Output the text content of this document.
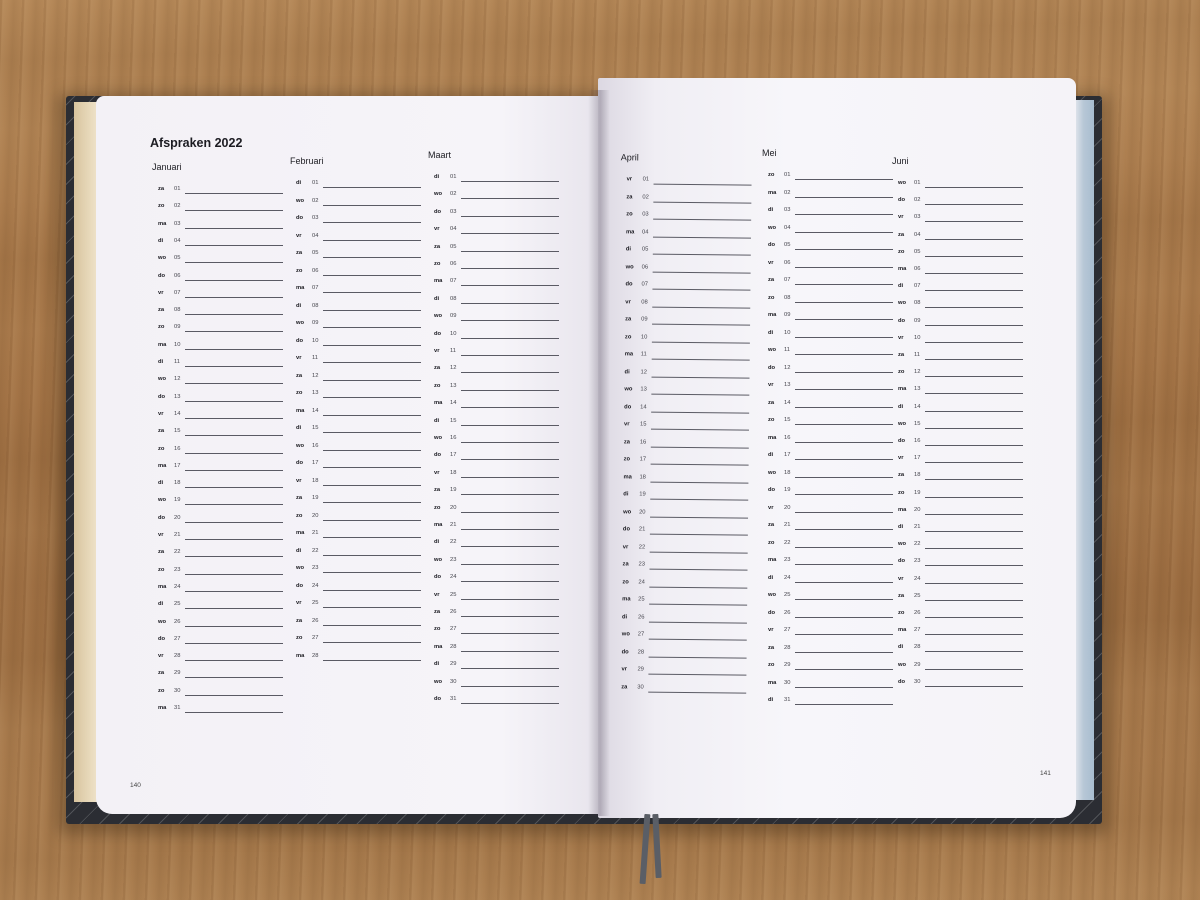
Afspraken 2022
Januari
za 01
zo 02
ma 03
di 04
wo 05
do 06
vr 07
za 08
zo 09
ma 10
di 11
wo 12
do 13
vr 14
za 15
zo 16
ma 17
di 18
wo 19
do 20
vr 21
za 22
zo 23
ma 24
di 25
wo 26
do 27
vr 28
za 29
zo 30
ma 31
Februari
di 01
wo 02
do 03
vr 04
za 05
zo 06
ma 07
di 08
wo 09
do 10
vr 11
za 12
zo 13
ma 14
di 15
wo 16
do 17
vr 18
za 19
zo 20
ma 21
di 22
wo 23
do 24
vr 25
za 26
zo 27
ma 28
Maart
di 01
wo 02
do 03
vr 04
za 05
zo 06
ma 07
di 08
wo 09
do 10
vr 11
za 12
zo 13
ma 14
di 15
wo 16
do 17
vr 18
za 19
zo 20
ma 21
di 22
wo 23
do 24
vr 25
za 26
zo 27
ma 28
di 29
wo 30
do 31
April
vr 01
za 02
zo 03
ma 04
di 05
wo 06
do 07
vr 08
za 09
zo 10
ma 11
di 12
wo 13
do 14
vr 15
za 16
zo 17
ma 18
di 19
wo 20
do 21
vr 22
za 23
zo 24
ma 25
di 26
wo 27
do 28
vr 29
za 30
Mei
zo 01
ma 02
di 03
wo 04
do 05
vr 06
za 07
zo 08
ma 09
di 10
wo 11
do 12
vr 13
za 14
zo 15
ma 16
di 17
wo 18
do 19
vr 20
za 21
zo 22
ma 23
di 24
wo 25
do 26
vr 27
za 28
zo 29
ma 30
di 31
Juni
wo 01
do 02
vr 03
za 04
zo 05
ma 06
di 07
wo 08
do 09
vr 10
za 11
zo 12
ma 13
di 14
wo 15
do 16
vr 17
za 18
zo 19
ma 20
di 21
wo 22
do 23
vr 24
za 25
zo 26
ma 27
di 28
wo 29
do 30
140
141
